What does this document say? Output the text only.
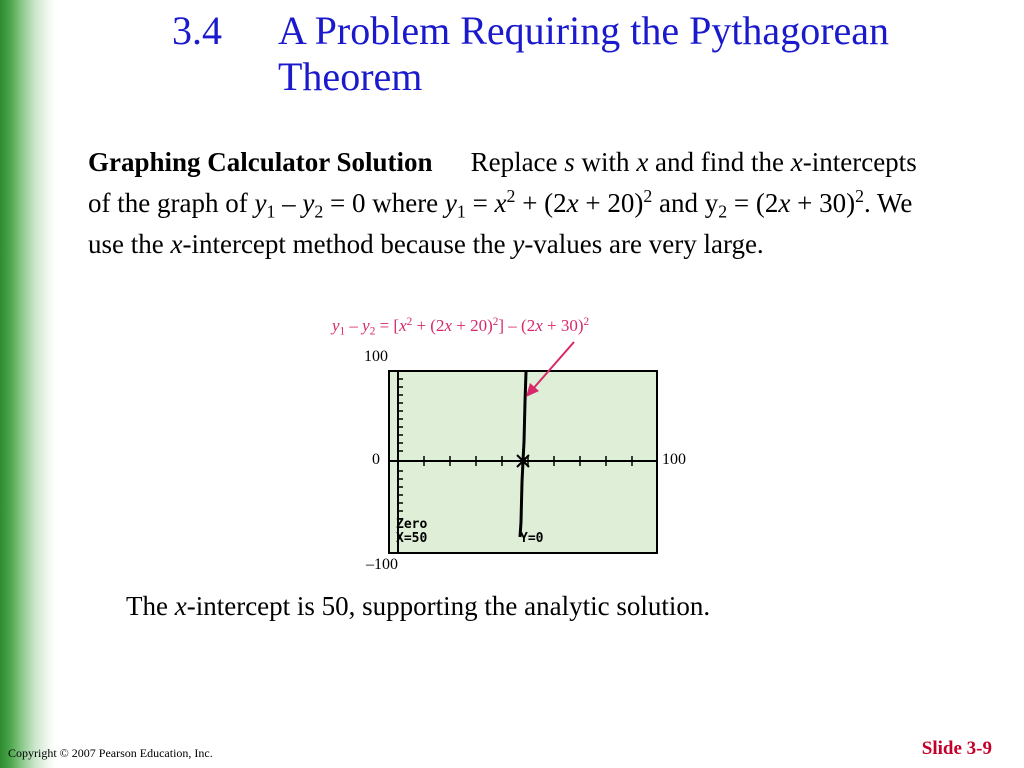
3.4 A Problem Requiring the Pythagorean Theorem
Graphing Calculator Solution Replace s with x and find the x-intercepts of the graph of $y_1 - y_2 = 0$ where $y_1 = x^2 + (2x + 20)^2$ and $y_2 = (2x + 30)^2$. We use the x-intercept method because the y-values are very large.
$y_1 - y_2 = [x^2 + (2x + 20)^2] - (2x + 30)^2$
100
0	100
–100
Zero
X=50	Y=0
The x-intercept is 50, supporting the analytic solution.
Copyright © 2007 Pearson Education, Inc.	Slide 3-9
